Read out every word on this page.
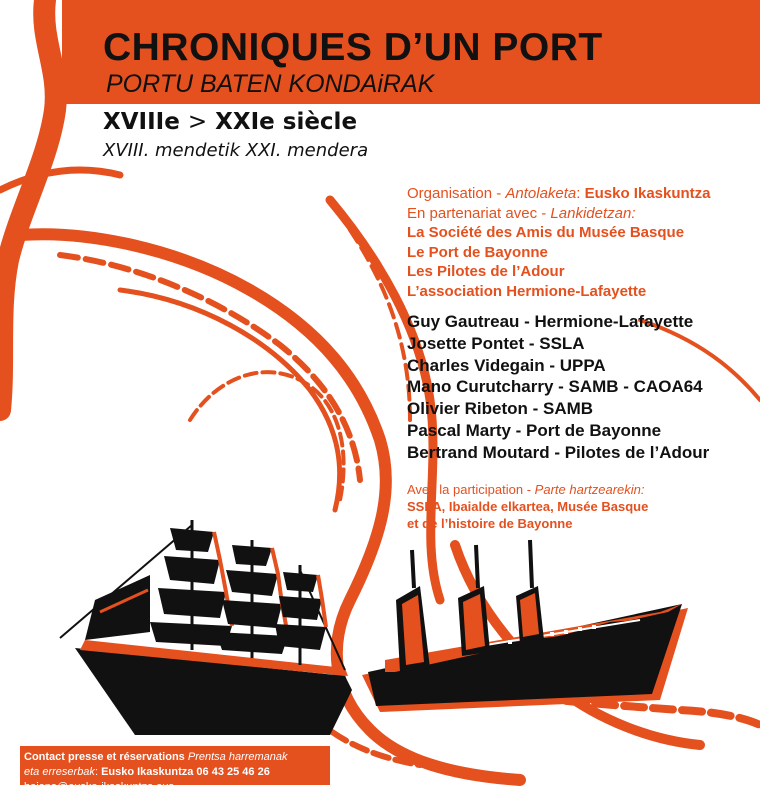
CHRONIQUES D’UN PORT
PORTU BATEN KONDAiRAK
XVIIIe > XXIe siècle
XVIII. mendetik XXI. mendera
Organisation - Antolaketa: Eusko Ikaskuntza
En partenariat avec - Lankidetzan:
La Société des Amis du Musée Basque
Le Port de Bayonne
Les Pilotes de l’Adour
L’association Hermione-Lafayette
Guy Gautreau - Hermione-Lafayette
Josette Pontet - SSLA
Charles Videgain - UPPA
Mano Curutcharry - SAMB - CAOA64
Olivier Ribeton - SAMB
Pascal Marty - Port de Bayonne
Bertrand Moutard - Pilotes de l’Adour
Avec la participation - Parte hartzearekin:
SSLA, Ibaialde elkartea, Musée Basque
et de l’histoire de Bayonne
Contact presse et réservations Prentsa harremanak
eta erreserbak: Eusko Ikaskuntza 06 43 25 46 26
baiona@eusko-ikaskuntza.eus
